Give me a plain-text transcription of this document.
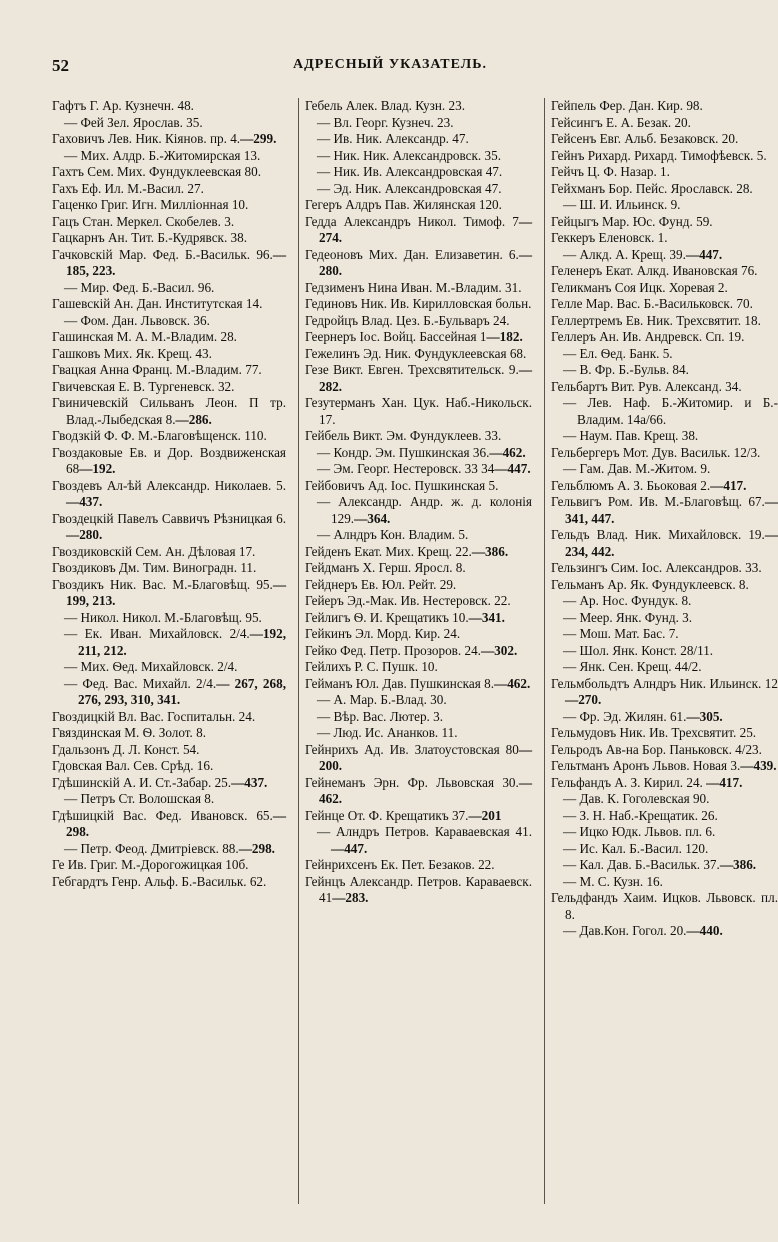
52	АДРЕСНЫЙ УКАЗАТЕЛЬ.
Гафтъ Г. Ар. Кузнечн. 48.
— Фей Зел. Ярослав. 35.
Гаховичъ Лев. Ник. Кіянов. пр. 4.—299.
— Мих. Алдр. Б.-Житомирская 13.
Гахтъ Сем. Мих. Фундуклеевская 80.
Гахъ Еф. Ил. М.-Васил. 27.
Гаценко Григ. Игн. Милліонная 10.
Гацъ Стан. Меркел. Скобелев. 3.
Гацкарнъ Ан. Тит. Б.-Кудрявск. 38.
Гачковскій Мар. Фед. Б.-Васильк. 96.—185, 223.
— Мир. Фед. Б.-Васил. 96.
Гашевскій Ан. Дан. Институтская 14.
— Фом. Дан. Львовск. 36.
Гашинская М. А. М.-Владим. 28.
Гашковъ Мих. Як. Крещ. 43.
Гвацкая Анна Франц. М.-Владим. 77.
Гвичевская Е. В. Тургеневск. 32.
Гвиничевскій Сильванъ Леон. П тр. Влад.-Лыбедская 8.—286.
Гводзкій Ф. Ф. М.-Благовѣщенск. 110.
Гвоздаковые Ев. и Дор. Воздвиженская 68—192.
Гвоздевъ Ал-ѣй Александр. Николаев. 5.—437.
Гвоздецкій Павелъ Саввичъ Рѣзницкая 6.—280.
Гвоздиковскій Сем. Ан. Дѣловая 17.
Гвоздиковъ Дм. Тим. Виноградн. 11.
Гвоздикъ Ник. Вас. М.-Благовѣщ. 95.—199, 213.
— Никол. Никол. М.-Благовѣщ. 95.
— Ек. Иван. Михайловск. 2/4.—192, 211, 212.
— Мих. Ѳед. Михайловск. 2/4.
— Фед. Вас. Михайл. 2/4.— 267, 268, 276, 293, 310, 341.
Гвоздицкій Вл. Вас. Госпитальн. 24.
Гвяздинская М. Ѳ. Золот. 8.
Гдальзонъ Д. Л. Конст. 54.
Гдовская Вал. Сев. Срѣд. 16.
Гдѣшинскій А. И. Ст.-Забар. 25.—437.
— Петръ Ст. Волошская 8.
Гдѣшицкій Вас. Фед. Ивановск. 65.—298.
— Петр. Феод. Дмитріевск. 88.—298.
Ге Ив. Григ. М.-Дорогожицкая 10б.
Гебгардтъ Генр. Альф. Б.-Васильк. 62.
Гебель Алек. Влад. Кузн. 23.
— Вл. Георг. Кузнеч. 23.
— Ив. Ник. Александр. 47.
— Ник. Ник. Александровск. 35.
— Ник. Ив. Александровская 47.
— Эд. Ник. Александровская 47.
Гегеръ Алдръ Пав. Жилянская 120.
Гедда Александръ Никол. Тимоф. 7—274.
Гедеоновъ Мих. Дан. Елизаветин. 6.—280.
Гедзименъ Нина Иван. М.-Владим. 31.
Гединовъ Ник. Ив. Кирилловская больн.
Гедройцъ Влад. Цез. Б.-Бульваръ 24.
Геернеръ Іос. Войц. Бассейная 1—182.
Гежелинъ Эд. Ник. Фундуклеевская 68.
Гезе Викт. Евген. Трехсвятительск. 9.—282.
Гезутерманъ Хан. Цук. Наб.-Никольск. 17.
Гейбель Викт. Эм. Фундуклеев. 33.
— Кондр. Эм. Пушкинская 36.—462.
— Эм. Георг. Нестеровск. 33 34—447.
Гейбовичъ Ад. Іос. Пушкинская 5.
— Александр. Андр. ж. д. колонія 129.—364.
— Алндръ Кон. Владим. 5.
Гейденъ Екат. Мих. Крещ. 22.—386.
Гейдманъ Х. Герш. Яросл. 8.
Гейднеръ Ев. Юл. Рейт. 29.
Гейеръ Эд.-Мак. Ив. Нестеровск. 22.
Гейлигъ Ѳ. И. Крещатикъ 10.—341.
Гейкинъ Эл. Морд. Кир. 24.
Гейко Фед. Петр. Прозоров. 24.—302.
Гейлихъ Р. С. Пушк. 10.
Гейманъ Юл. Дав. Пушкинская 8.—462.
— А. Мар. Б.-Влад. 30.
— Вѣр. Вас. Лютер. 3.
— Люд. Ис. Ананков. 11.
Гейнрихъ Ад. Ив. Златоустовская 80—200.
Гейнеманъ Эрн. Фр. Львовская 30.—462.
Гейнце От. Ф. Крещатикъ 37.—201
— Алндръ Петров. Караваевская 41.—447.
Гейнрихсенъ Ек. Пет. Безаков. 22.
Гейнцъ Александр. Петров. Караваевск. 41—283.
Гейпель Фер. Дан. Кир. 98.
Гейсингъ Е. А. Безак. 20.
Гейсенъ Евг. Альб. Безаковск. 20.
Гейнъ Рихард. Рихард. Тимофѣевск. 5.
Гейчъ Ц. Ф. Назар. 1.
Гейхманъ Бор. Пейс. Ярославск. 28.
— Ш. И. Ильинск. 9.
Гейцыгъ Мар. Юс. Фунд. 59.
Геккеръ Еленовск. 1.
— Алкд. А. Крещ. 39.—447.
Геленеръ Екат. Алкд. Ивановская 76.
Геликманъ Соя Ицк. Хоревая 2.
Геллe Мар. Вас. Б.-Васильковск. 70.
Геллертремъ Ев. Ник. Трехсвятит. 18.
Геллеръ Ан. Ив. Андревск. Сп. 19.
— Ел. Ѳед. Банк. 5.
— В. Фр. Б.-Бульв. 84.
Гельбартъ Вит. Рув. Александ. 34.
— Лев. Наф. Б.-Житомир. и Б.-Владим. 14а/66.
— Наум. Пав. Крещ. 38.
Гельбергеръ Мот. Дув. Васильк. 12/3.
— Гам. Дав. М.-Житом. 9.
Гельблюмъ А. З. Бьоковая 2.—417.
Гельвигъ Ром. Ив. М.-Благовѣщ. 67.—341, 447.
Гельдъ Влад. Ник. Михайловск. 19.—234, 442.
Гельзингъ Сим. Іос. Александров. 33.
Гельманъ Ар. Як. Фундуклеевск. 8.
— Ар. Нос. Фундук. 8.
— Меер. Янк. Фунд. 3.
— Мош. Мат. Бас. 7.
— Шол. Янк. Конст. 28/11.
— Янк. Сен. Крещ. 44/2.
Гельмбольдтъ Алндръ Ник. Ильинск. 12—270.
— Фр. Эд. Жилян. 61.—305.
Гельмудовъ Ник. Ив. Трехсвятит. 25.
Гельродъ Ав-на Бор. Паньковск. 4/23.
Гельтманъ Аронъ Львов. Новая 3.—439.
Гельфандъ А. З. Кирил. 24. —417.
— Дав. К. Гоголевская 90.
— З. Н. Наб.-Крещатик. 26.
— Ицко Юдк. Львов. пл. 6.
— Ис. Кал. Б.-Васил. 120.
— Кал. Дав. Б.-Васильк. 37.—386.
— М. С. Кузн. 16.
Гельдфандъ Хаим. Ицков. Львовск. пл. 8.
— Дав.Кон. Гогол. 20.—440.
